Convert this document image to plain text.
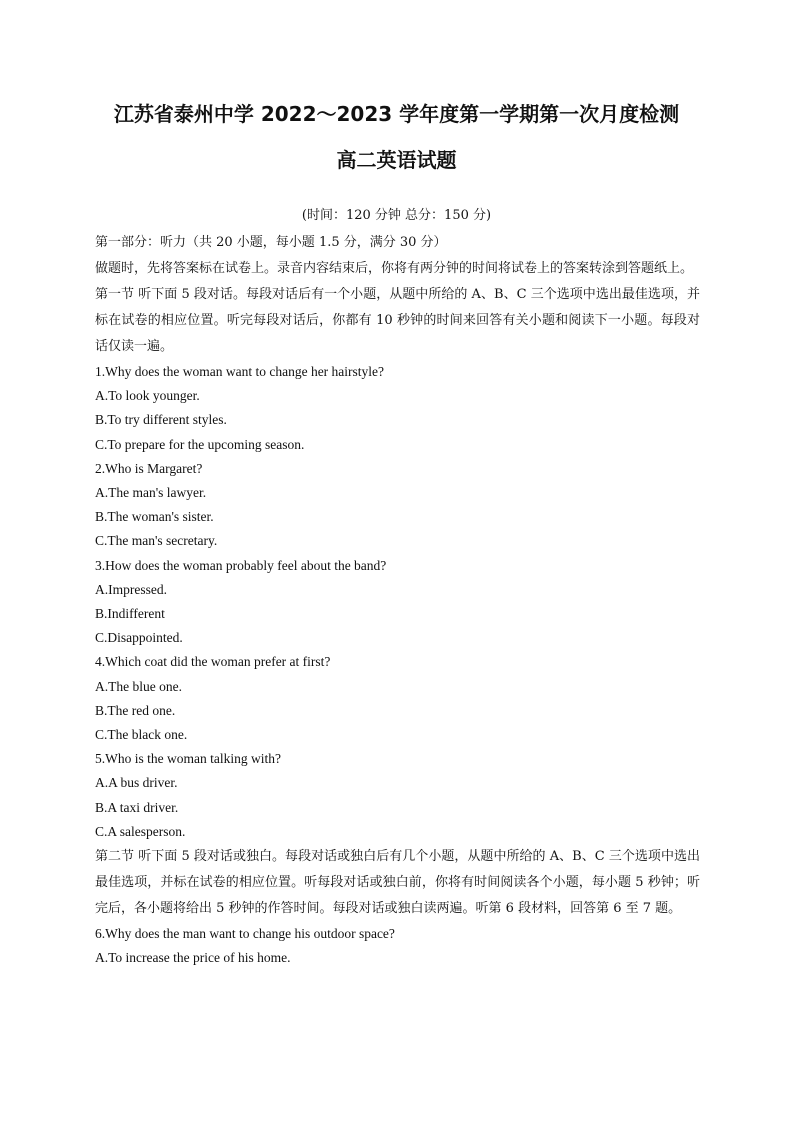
江苏省泰州中学 2022～2023 学年度第一学期第一次月度检测
高二英语试题
(时间：120 分钟 总分：150 分)

第一部分：听力（共 20 小题，每小题 1.5 分，满分 30 分）

做题时，先将答案标在试卷上。录音内容结束后，你将有两分钟的时间将试卷上的答案转涂到答题纸上。

第一节 听下面 5 段对话。每段对话后有一个小题，从题中所给的 A、B、C 三个选项中选出最佳选项，并标在试卷的相应位置。听完每段对话后，你都有 10 秒钟的时间来回答有关小题和阅读下一小题。每段对话仅读一遍。

1.Why does the woman want to change her hairstyle?

A.To look younger.

B.To try different styles.

C.To prepare for the upcoming season.

2.Who is Margaret?

A.The man's lawyer.

B.The woman's sister.

C.The man's secretary.

3.How does the woman probably feel about the band?

A.Impressed.

B.Indifferent

C.Disappointed.

4.Which coat did the woman prefer at first?

A.The blue one.

B.The red one.

C.The black one.

5.Who is the woman talking with?

A.A bus driver.

B.A taxi driver.

C.A salesperson.

第二节 听下面 5 段对话或独白。每段对话或独白后有几个小题，从题中所给的 A、B、C 三个选项中选出最佳选项，并标在试卷的相应位置。听每段对话或独白前，你将有时间阅读各个小题，每小题 5 秒钟；听完后，各小题将给出 5 秒钟的作答时间。每段对话或独白读两遍。听第 6 段材料，回答第 6 至 7 题。

6.Why does the man want to change his outdoor space?

A.To increase the price of his home.
